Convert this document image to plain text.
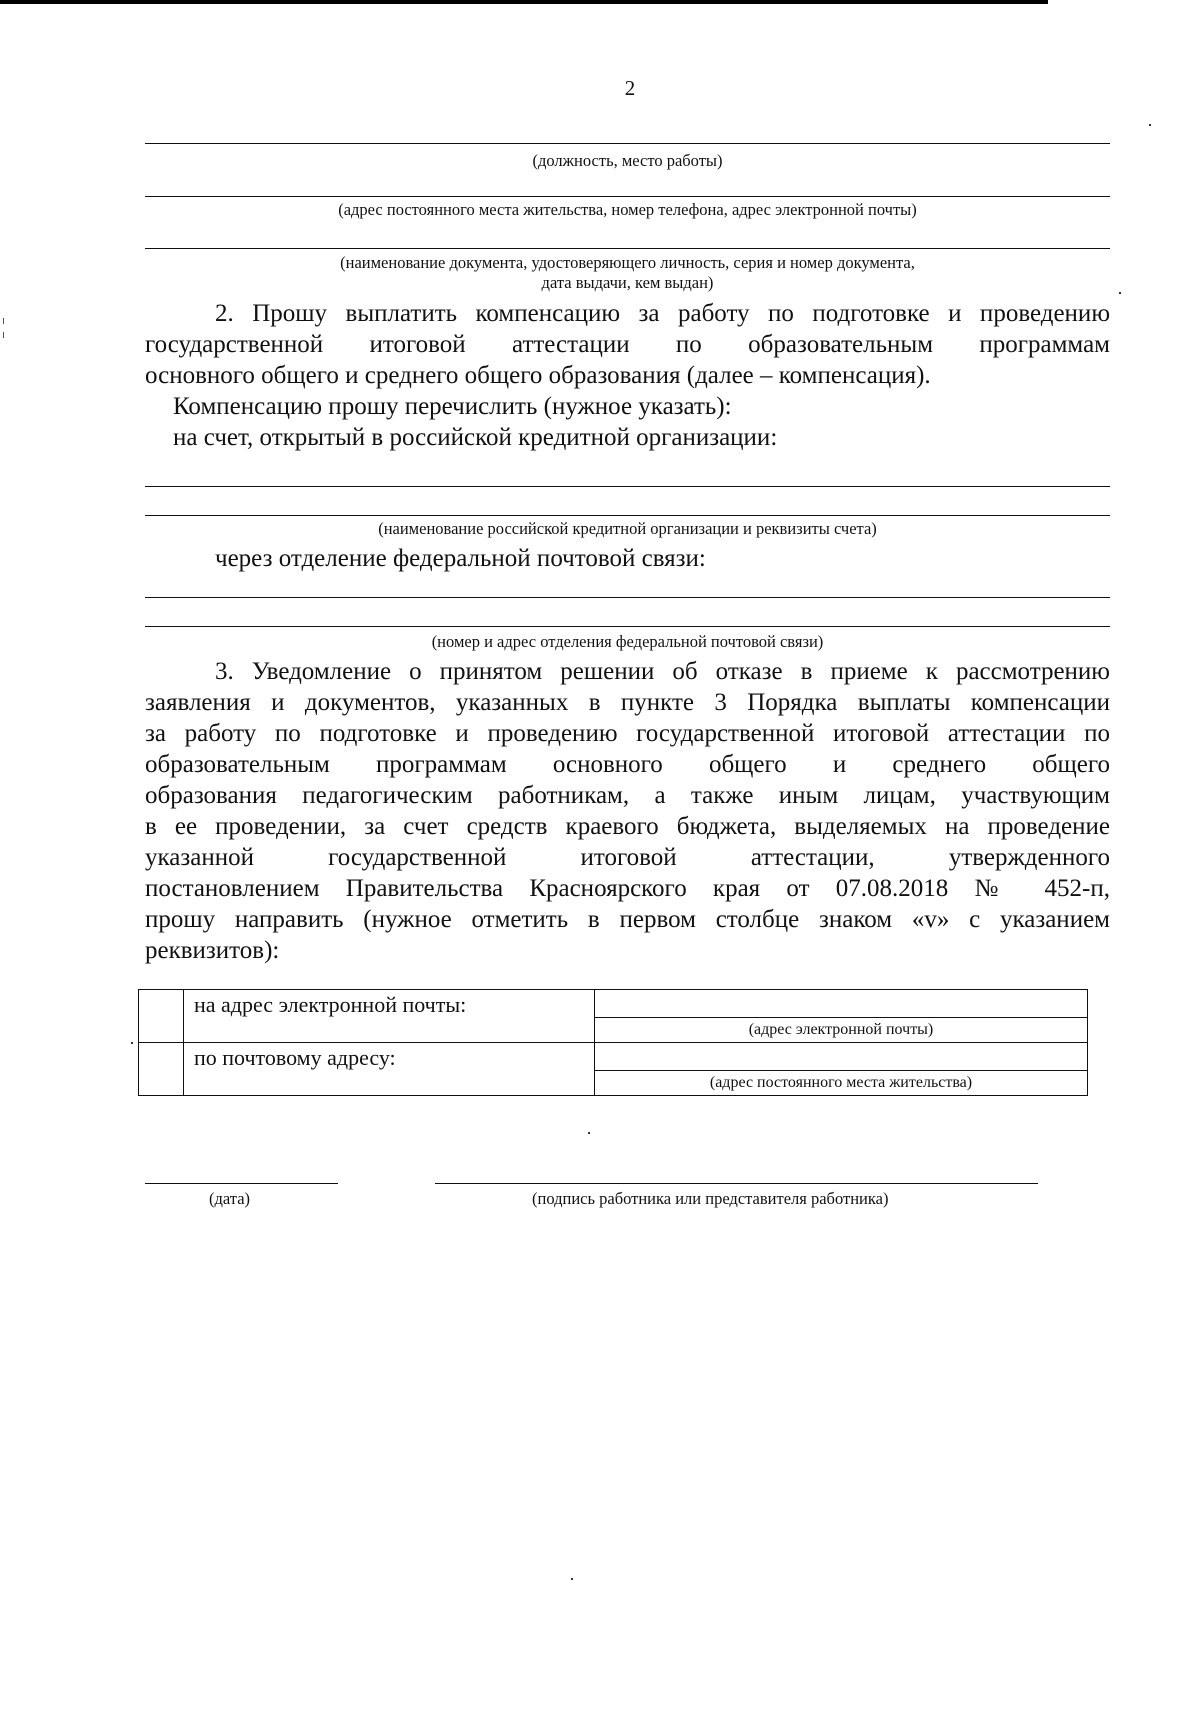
2
(должность, место работы)
(адрес постоянного места жительства, номер телефона, адрес электронной почты)
(наименование документа, удостоверяющего личность, серия и номер документа,
дата выдачи, кем выдан)
2. Прошу выплатить компенсацию за работу по подготовке и проведению
государственной итоговой аттестации по образовательным программам
основного общего и среднего общего образования (далее – компенсация).
Компенсацию прошу перечислить (нужное указать):
на счет, открытый в российской кредитной организации:
(наименование российской кредитной организации и реквизиты счета)
через отделение федеральной почтовой связи:
(номер и адрес отделения федеральной почтовой связи)
3. Уведомление о принятом решении об отказе в приеме к рассмотрению
заявления и документов, указанных в пункте 3 Порядка выплаты компенсации
за работу по подготовке и проведению государственной итоговой аттестации по
образовательным программам основного общего и среднего общего
образования педагогическим работникам, а также иным лицам, участвующим
в ее проведении, за счет средств краевого бюджета, выделяемых на проведение
указанной государственной итоговой аттестации, утвержденного
постановлением Правительства Красноярского края от 07.08.2018 № 452-п,
прошу направить (нужное отметить в первом столбце знаком «v» с указанием
реквизитов):
	на адрес электронной почты:	
		(адрес электронной почты)
	по почтовому адресу:	
		(адрес постоянного места жительства)
(дата)	(подпись работника или представителя работника)
